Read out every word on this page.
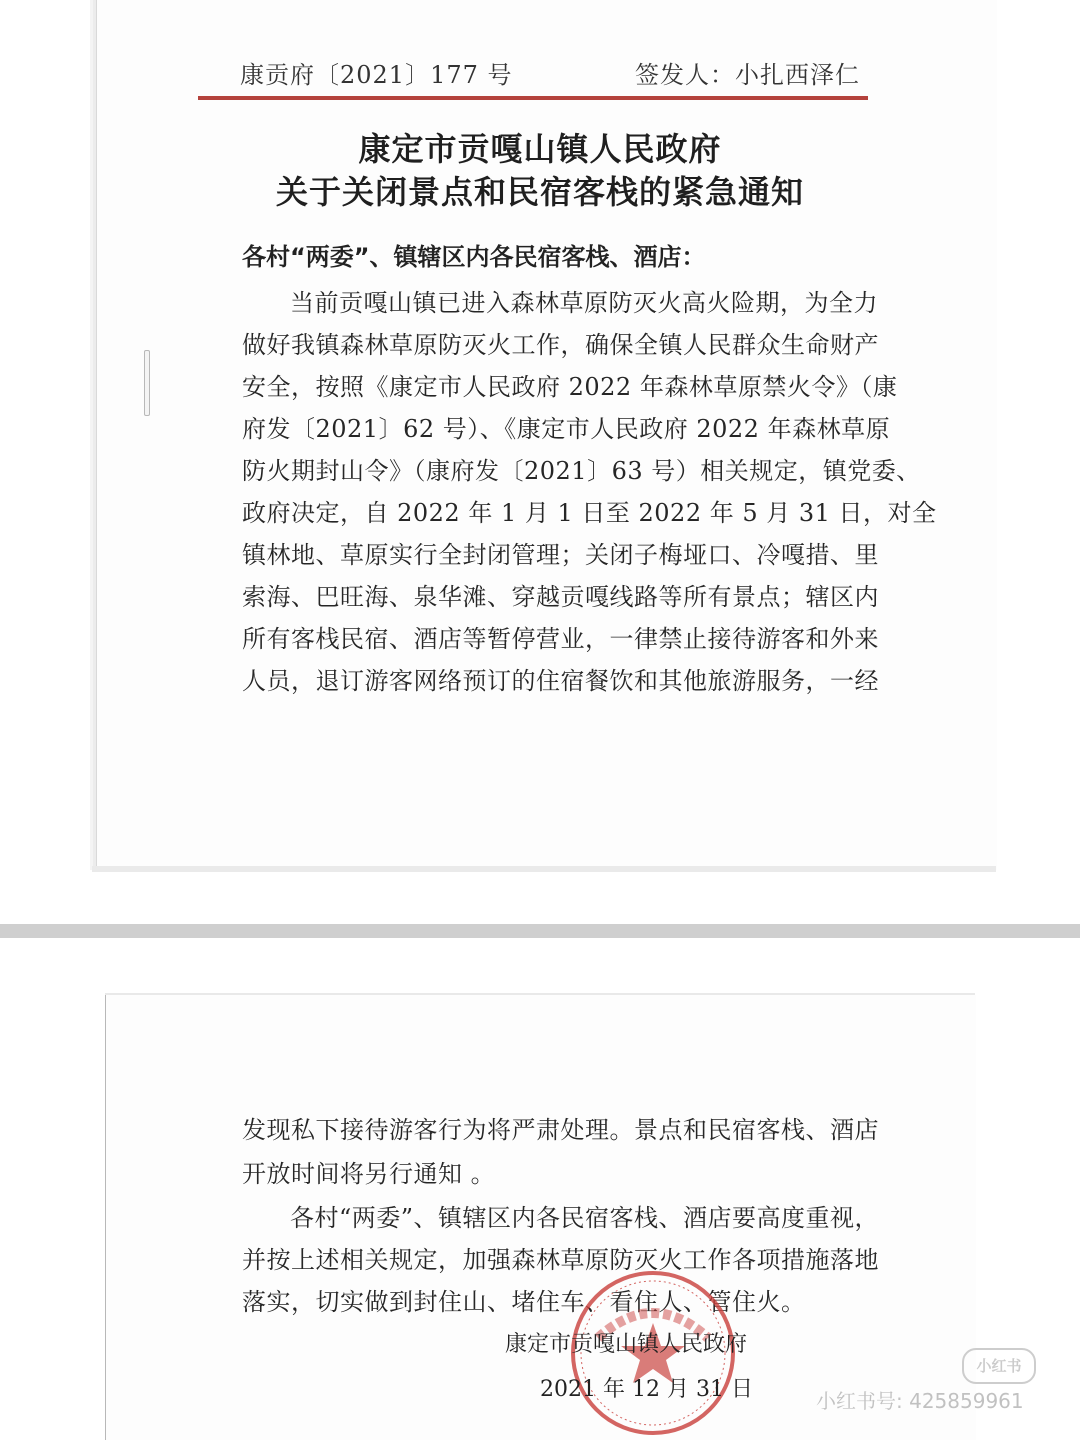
康贡府〔2021〕177 号	签发人：小扎西泽仁
康定市贡嘎山镇人民政府
关于关闭景点和民宿客栈的紧急通知
各村“两委”、镇辖区内各民宿客栈、酒店：
当前贡嘎山镇已进入森林草原防灭火高火险期，为全力
做好我镇森林草原防灭火工作，确保全镇人民群众生命财产
安全，按照《康定市人民政府 2022 年森林草原禁火令》（康
府发〔2021〕62 号）、《康定市人民政府 2022 年森林草原
防火期封山令》（康府发〔2021〕63 号）相关规定，镇党委、
政府决定，自 2022 年 1 月 1 日至 2022 年 5 月 31 日，对全
镇林地、草原实行全封闭管理；关闭子梅垭口、冷嘎措、里
索海、巴旺海、泉华滩、穿越贡嘎线路等所有景点；辖区内
所有客栈民宿、酒店等暂停营业，一律禁止接待游客和外来
人员，退订游客网络预订的住宿餐饮和其他旅游服务，一经
发现私下接待游客行为将严肃处理。景点和民宿客栈、酒店
开放时间将另行通知 。
各村“两委”、镇辖区内各民宿客栈、酒店要高度重视，
并按上述相关规定，加强森林草原防灭火工作各项措施落地
落实，切实做到封住山、堵住车、看住人、管住火。
康定市贡嘎山镇人民政府
2021 年 12 月 31 日
小红书
小红书号: 425859961
